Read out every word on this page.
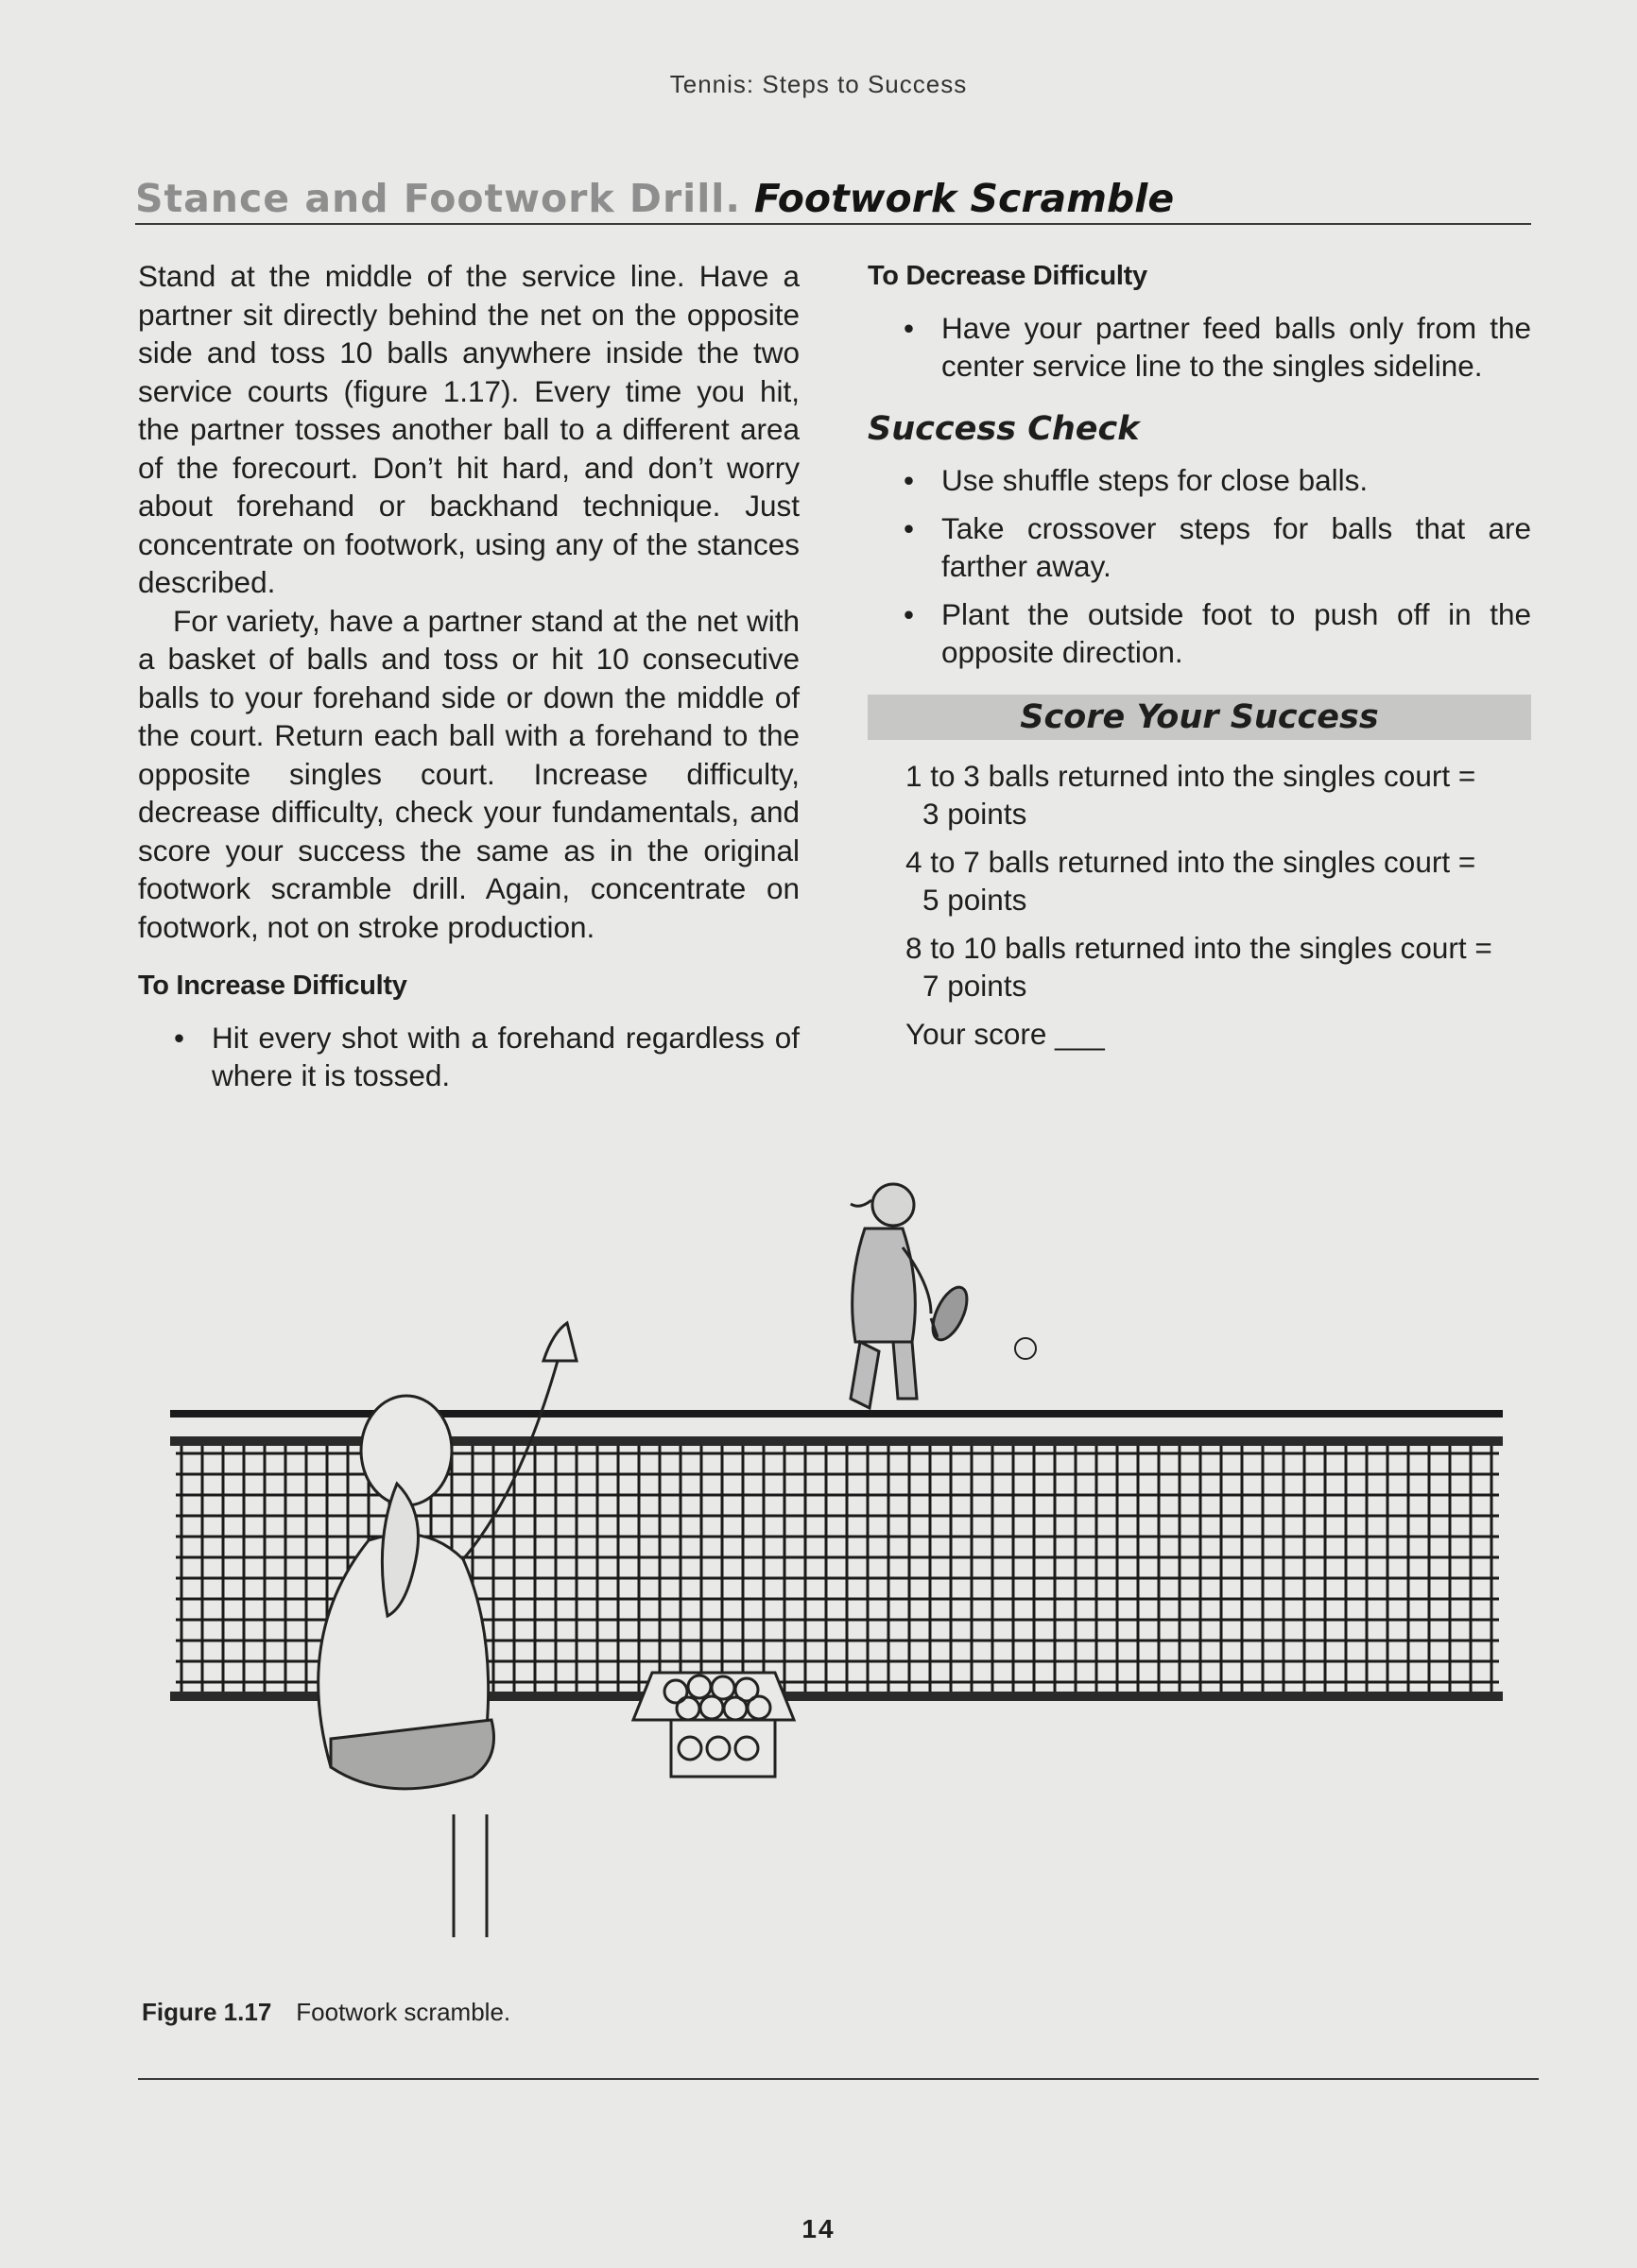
Tennis: Steps to Success
Stance and Footwork Drill. Footwork Scramble

Stand at the middle of the service line. Have a partner sit directly behind the net on the opposite side and toss 10 balls anywhere inside the two service courts (figure 1.17). Every time you hit, the partner tosses another ball to a different area of the forecourt. Don’t hit hard, and don’t worry about forehand or backhand technique. Just concentrate on footwork, using any of the stances described.

For variety, have a partner stand at the net with a basket of balls and toss or hit 10 consecutive balls to your forehand side or down the middle of the court. Return each ball with a forehand to the opposite singles court. Increase difficulty, decrease difficulty, check your fundamentals, and score your success the same as in the original footwork scramble drill. Again, concentrate on footwork, not on stroke production.

To Increase Difficulty
• Hit every shot with a forehand regardless of where it is tossed.
To Decrease Difficulty
• Have your partner feed balls only from the center service line to the singles sideline.
Success Check
• Use shuffle steps for close balls.
• Take crossover steps for balls that are farther away.
• Plant the outside foot to push off in the opposite direction.
Score Your Success
1 to 3 balls returned into the singles court =
3 points
4 to 7 balls returned into the singles court =
5 points
8 to 10 balls returned into the singles court =
7 points
Your score ___
Figure 1.17 Footwork scramble.
14
